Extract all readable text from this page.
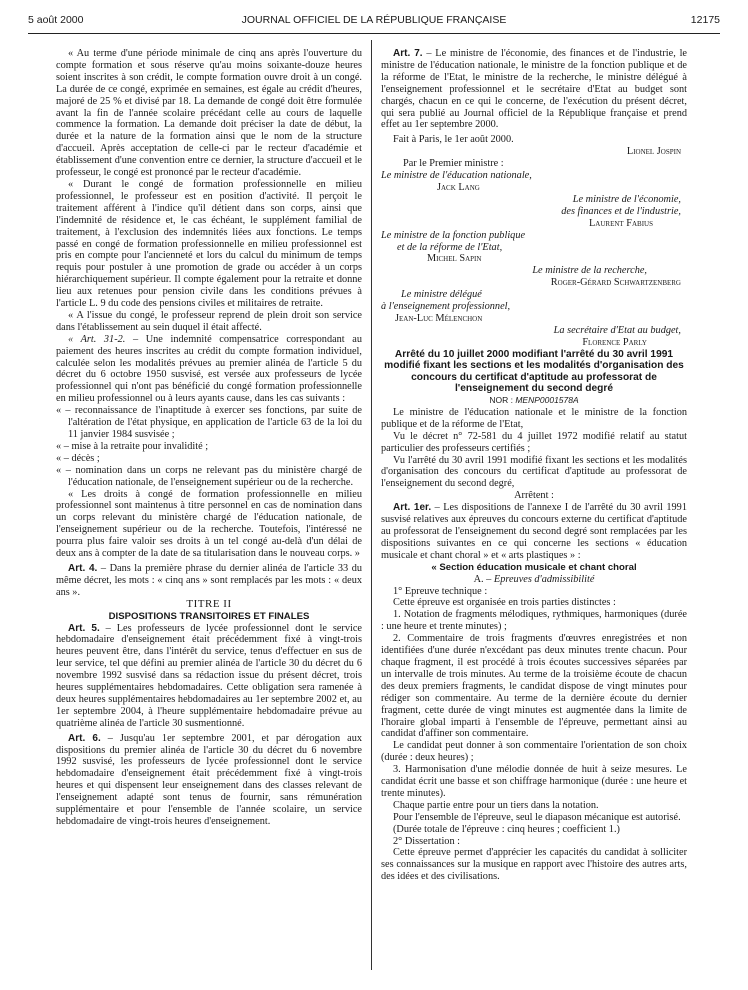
5 août 2000	JOURNAL OFFICIEL DE LA RÉPUBLIQUE FRANÇAISE	12175

« Au terme d'une période minimale de cinq ans après l'ouverture du compte formation et sous réserve qu'au moins soixante-douze heures soient inscrites à son crédit, le compte formation ouvre droit à un congé. La durée de ce congé, exprimée en semaines, est égale au crédit d'heures, majoré de 25 % et divisé par 18. La demande de congé doit être formulée avant la fin de l'année scolaire précédant celle au cours de laquelle commence la formation. La demande doit préciser la date de début, la durée et la nature de la formation ainsi que le nom de la structure d'accueil. Après acceptation de celle-ci par le recteur d'académie et établissement d'une convention entre ce dernier, la structure d'accueil et le professeur, le congé est prononcé par le recteur d'académie.

« Durant le congé de formation professionnelle en milieu professionnel, le professeur est en position d'activité. Il perçoit le traitement afférent à l'indice qu'il détient dans son corps, ainsi que l'indemnité de résidence et, le cas échéant, le supplément familial de traitement, à l'exclusion des indemnités liées aux fonctions. Le temps passé en congé de formation professionnelle en milieu professionnel est pris en compte pour l'ancienneté et lors du calcul du minimum de temps requis pour postuler à une promotion de grade ou accéder à un corps hiérarchiquement supérieur. Il compte également pour la retraite et donne lieu aux retenues pour pension civile dans les conditions prévues à l'article L. 9 du code des pensions civiles et militaires de retraite.

« A l'issue du congé, le professeur reprend de plein droit son service dans l'établissement au sein duquel il était affecté.

« Art. 31-2. – Une indemnité compensatrice correspondant au paiement des heures inscrites au crédit du compte formation individuel, calculée selon les modalités prévues au premier alinéa de l'article 5 du décret du 6 octobre 1950 susvisé, est versée aux professeurs de lycée professionnel qui n'ont pas bénéficié du congé formation professionnelle en milieu professionnel ou à leurs ayants cause, dans les cas suivants :

« – reconnaissance de l'inaptitude à exercer ses fonctions, par suite de l'altération de l'état physique, en application de l'article 63 de la loi du 11 janvier 1984 susvisée ;

« – mise à la retraite pour invalidité ;

« – décès ;

« – nomination dans un corps ne relevant pas du ministère chargé de l'éducation nationale, de l'enseignement supérieur ou de la recherche.

« Les droits à congé de formation professionnelle en milieu professionnel sont maintenus à titre personnel en cas de nomination dans un corps relevant du ministère chargé de l'éducation nationale, de l'enseignement supérieur ou de la recherche. Toutefois, l'intéressé ne pourra plus faire valoir ses droits à un tel congé au-delà d'un délai de deux ans à compter de la date de sa titularisation dans le nouveau corps. »

Art. 4. – Dans la première phrase du dernier alinéa de l'article 33 du même décret, les mots : « cinq ans » sont remplacés par les mots : « deux ans ».

TITRE II

DISPOSITIONS TRANSITOIRES ET FINALES

Art. 5. – Les professeurs de lycée professionnel dont le service hebdomadaire d'enseignement était précédemment fixé à vingt-trois heures peuvent être, dans l'intérêt du service, tenus d'effectuer en sus de leur service, tel que défini au premier alinéa de l'article 30 du décret du 6 novembre 1992 susvisé dans sa rédaction issue du présent décret, trois heures supplémentaires hebdomadaires. Cette obligation sera ramenée à deux heures supplémentaires hebdomadaires au 1er septembre 2002 et, au 1er septembre 2004, à l'heure supplémentaire hebdomadaire prévue au quatrième alinéa de l'article 30 susmentionné.

Art. 6. – Jusqu'au 1er septembre 2001, et par dérogation aux dispositions du premier alinéa de l'article 30 du décret du 6 novembre 1992 susvisé, les professeurs de lycée professionnel dont le service hebdomadaire d'enseignement était précédemment fixé à vingt-trois heures et qui dispensent leur enseignement dans des classes relevant de l'enseignement adapté sont tenus de fournir, sans rémunération supplémentaire et pour l'ensemble de l'année scolaire, un service hebdomadaire de vingt-trois heures d'enseignement.

Art. 7. – Le ministre de l'économie, des finances et de l'industrie, le ministre de l'éducation nationale, le ministre de la fonction publique et de la réforme de l'Etat, le ministre de la recherche, le ministre délégué à l'enseignement professionnel et le secrétaire d'Etat au budget sont chargés, chacun en ce qui le concerne, de l'exécution du présent décret, qui sera publié au Journal officiel de la République française et prend effet au 1er septembre 2000.

Fait à Paris, le 1er août 2000.

Lionel Jospin

Par le Premier ministre :

Le ministre de l'éducation nationale,

Jack Lang

Le ministre de l'économie,

des finances et de l'industrie,

Laurent Fabius

Le ministre de la fonction publique

et de la réforme de l'Etat,

Michel Sapin

Le ministre de la recherche,

Roger-Gérard Schwartzenberg

Le ministre délégué

à l'enseignement professionnel,

Jean-Luc Mélenchon

La secrétaire d'Etat au budget,

Florence Parly

Arrêté du 10 juillet 2000 modifiant l'arrêté du 30 avril 1991 modifié fixant les sections et les modalités d'organisation des concours du certificat d'aptitude au professorat de l'enseignement du second degré

NOR : MENP0001578A

Le ministre de l'éducation nationale et le ministre de la fonction publique et de la réforme de l'Etat,

Vu le décret n° 72-581 du 4 juillet 1972 modifié relatif au statut particulier des professeurs certifiés ;

Vu l'arrêté du 30 avril 1991 modifié fixant les sections et les modalités d'organisation des concours du certificat d'aptitude au professorat de l'enseignement du second degré,

Arrêtent :

Art. 1er. – Les dispositions de l'annexe I de l'arrêté du 30 avril 1991 susvisé relatives aux épreuves du concours externe du certificat d'aptitude au professorat de l'enseignement du second degré sont remplacées par les dispositions suivantes en ce qui concerne les sections « éducation musicale et chant choral » et « arts plastiques » :

« Section éducation musicale et chant choral

A. – Epreuves d'admissibilité

1° Epreuve technique :

Cette épreuve est organisée en trois parties distinctes :

1. Notation de fragments mélodiques, rythmiques, harmoniques (durée : une heure et trente minutes) ;

2. Commentaire de trois fragments d'œuvres enregistrées et non identifiées d'une durée n'excédant pas deux minutes trente chacun. Pour chaque fragment, il est procédé à trois écoutes successives séparées par un intervalle de trois minutes. Au terme de la troisième écoute de chacun des deux premiers fragments, le candidat dispose de vingt minutes pour rédiger son commentaire. Au terme de la dernière écoute du dernier fragment, cette durée de vingt minutes est augmentée dans la limite de l'horaire global imparti à l'ensemble de l'épreuve, permettant ainsi au candidat d'affiner son commentaire.

Le candidat peut donner à son commentaire l'orientation de son choix (durée : deux heures) ;

3. Harmonisation d'une mélodie donnée de huit à seize mesures. Le candidat écrit une basse et son chiffrage harmonique (durée : une heure et trente minutes).

Chaque partie entre pour un tiers dans la notation.

Pour l'ensemble de l'épreuve, seul le diapason mécanique est autorisé.

(Durée totale de l'épreuve : cinq heures ; coefficient 1.)

2° Dissertation :

Cette épreuve permet d'apprécier les capacités du candidat à solliciter ses connaissances sur la musique en rapport avec l'histoire des autres arts, des idées et des civilisations.
